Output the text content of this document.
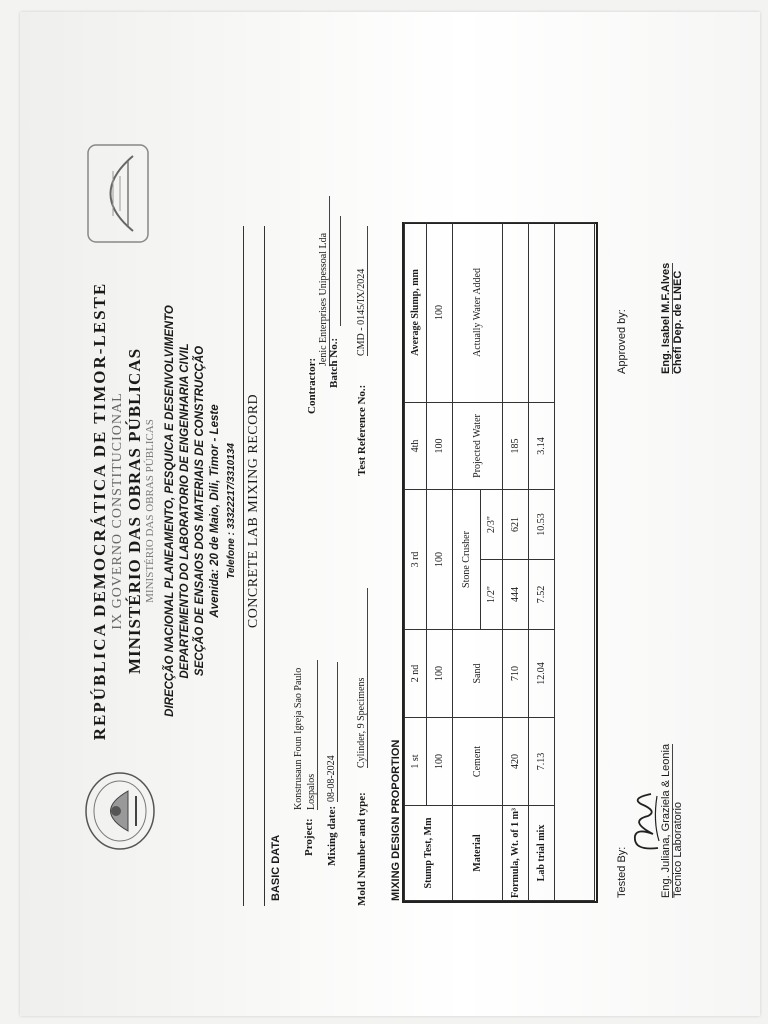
REPÚBLICA DEMOCRÁTICA DE TIMOR-LESTE IX GOVERNO CONSTITUCIONAL MINISTÉRIO DAS OBRAS PÚBLICAS MINISTÉRIO DAS OBRAS PÚBLICAS DIRECÇÃO NACIONAL PLANEAMENTO, PESQUICA E DESENVOLVIMENTO DEPARTEMENTO DO LABORATORIO DE ENGENHARIA CIVIL SECÇÃO DE ENSAIOS DOS MATERIAIS DE CONSTRUCÇÃO Avenida: 20 de Maio, Dili, Timor - Leste Telefone : 33322217/3310134 CONCRETE LAB MIXING RECORD
BASIC DATA Project:
Konstrusaun Foun Igreja Sao Paulo Lospalos
Mixing date:
08-08-2024
Mold Number and type:
Cylinder, 9 Specimens
Contractor:
Jenic Enterprises Unipessoal Lda Batch No.:
Test Reference No.:
CMD - 0145/IX/2024
MIXING DESIGN PROPORTION Stump Test, Mm	1 st	2 nd	3 rd		4th	Average Slump, mm
	100	100	100		100	100
Material	Cement	Sand	Stone Crusher		Projected Water	Actually Water Added
			1/2"	2/3"		
Formula, Wt. of 1 m³	420	710	444	621	185	
Lab trial mix	7.13	12.04	7.52	10.53	3.14	

Tested By:	Eng. Juliana, Graziela & Leonia Tecnico Laboratorio
Approved by:	Eng. Isabel M.F.Alves Chefi Dep. de LNEC
